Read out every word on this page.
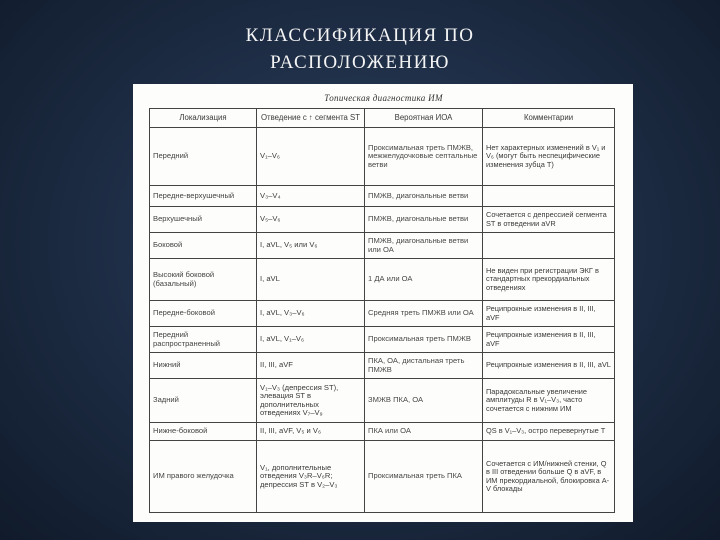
КЛАССИФИКАЦИЯ ПО
РАСПОЛОЖЕНИЮ
Топическая диагностика ИМ
Локализация	Отведение с ↑ сегмента ST	Вероятная ИОА	Комментарии
Передний	V₁–V₆	Проксимальная треть ПМЖВ, межжелудочковые септальные ветви	Нет характерных изменений в V₁ и V₆ (могут быть неспецифические изменения зубца Т)
Передне-верхушечный	V₃–V₄	ПМЖВ, диагональные ветви	
Верхушечный	V₅–V₆	ПМЖВ, диагональные ветви	Сочетается с депрессией сегмента ST в отведении aVR
Боковой	I, aVL, V₅ или V₆	ПМЖВ, диагональные ветви или ОА	
Высокий боковой (базальный)	I, aVL	1 ДА или ОА	Не виден при регистрации ЭКГ в стандартных прекордиальных отведениях
Передне-боковой	I, aVL, V₃–V₆	Средняя треть ПМЖВ или ОА	Реципрокные изменения в II, III, aVF
Передний распространенный	I, aVL, V₁–V₆	Проксимальная треть ПМЖВ	Реципрокные изменения в II, III, aVF
Нижний	II, III, aVF	ПКА, ОА, дистальная треть ПМЖВ	Реципрокные изменения в II, III, aVL
Задний	V₁–V₃ (депрессия ST), элевация ST в дополнительных отведениях V₇–V₉	ЗМЖВ ПКА, ОА	Парадоксальные увеличение амплитуды R в V₁–V₃, часто сочетается с нижним ИМ
Нижне-боковой	II, III, aVF, V₅ и V₆	ПКА или ОА	QS в V₁–V₃, остро перевернутые T
ИМ правого желудочка	V₁, дополнительные отведения V₃R–V₆R; депрессия ST в V₂–V₃	Проксимальная треть ПКА	Сочетается с ИМ/нижней стенки, Q в III отведении больше Q в aVF, в ИМ прекордиальной, блокировка А-V блокады
